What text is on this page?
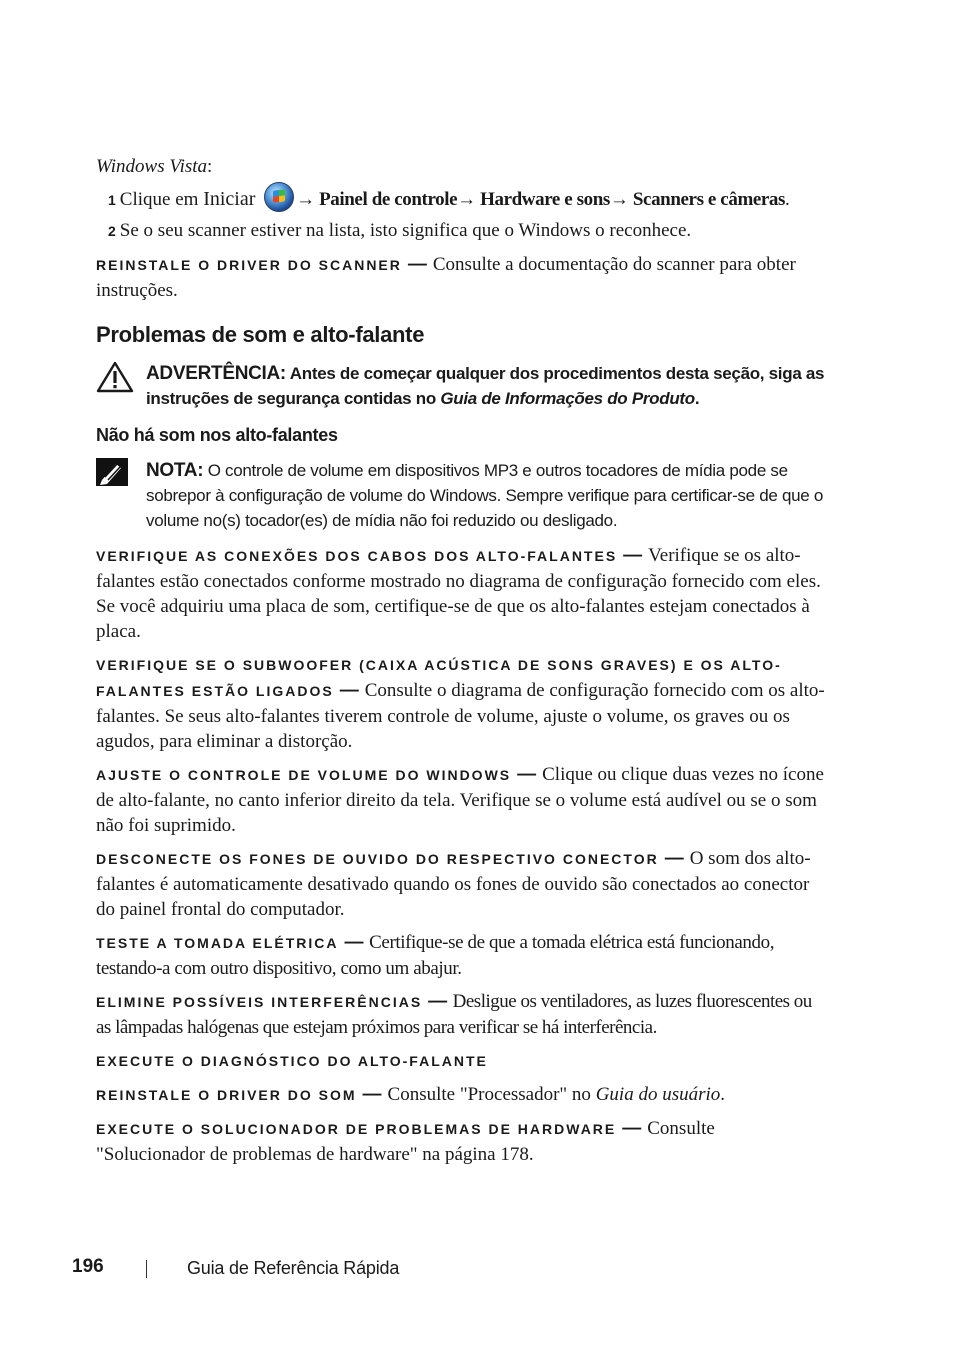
Windows Vista:
1 Clique em Iniciar → Painel de controle→ Hardware e sons→ Scanners e câmeras.
2 Se o seu scanner estiver na lista, isto significa que o Windows o reconhece.
REINSTALE O DRIVER DO SCANNER — Consulte a documentação do scanner para obter instruções.
Problemas de som e alto-falante
ADVERTÊNCIA: Antes de começar qualquer dos procedimentos desta seção, siga as instruções de segurança contidas no Guia de Informações do Produto.
Não há som nos alto-falantes
NOTA: O controle de volume em dispositivos MP3 e outros tocadores de mídia pode se sobrepor à configuração de volume do Windows. Sempre verifique para certificar-se de que o volume no(s) tocador(es) de mídia não foi reduzido ou desligado.
VERIFIQUE AS CONEXÕES DOS CABOS DOS ALTO-FALANTES — Verifique se os alto-falantes estão conectados conforme mostrado no diagrama de configuração fornecido com eles. Se você adquiriu uma placa de som, certifique-se de que os alto-falantes estejam conectados à placa.
VERIFIQUE SE O SUBWOOFER (CAIXA ACÚSTICA DE SONS GRAVES) E OS ALTO-FALANTES ESTÃO LIGADOS — Consulte o diagrama de configuração fornecido com os alto-falantes. Se seus alto-falantes tiverem controle de volume, ajuste o volume, os graves ou os agudos, para eliminar a distorção.
AJUSTE O CONTROLE DE VOLUME DO WINDOWS — Clique ou clique duas vezes no ícone de alto-falante, no canto inferior direito da tela. Verifique se o volume está audível ou se o som não foi suprimido.
DESCONECTE OS FONES DE OUVIDO DO RESPECTIVO CONECTOR — O som dos alto-falantes é automaticamente desativado quando os fones de ouvido são conectados ao conector do painel frontal do computador.
TESTE A TOMADA ELÉTRICA — Certifique-se de que a tomada elétrica está funcionando, testando-a com outro dispositivo, como um abajur.
ELIMINE POSSÍVEIS INTERFERÊNCIAS — Desligue os ventiladores, as luzes fluorescentes ou as lâmpadas halógenas que estejam próximos para verificar se há interferência.
EXECUTE O DIAGNÓSTICO DO ALTO-FALANTE
REINSTALE O DRIVER DO SOM — Consulte "Processador" no Guia do usuário.
EXECUTE O SOLUCIONADOR DE PROBLEMAS DE HARDWARE — Consulte "Solucionador de problemas de hardware" na página 178.
196	Guia de Referência Rápida
